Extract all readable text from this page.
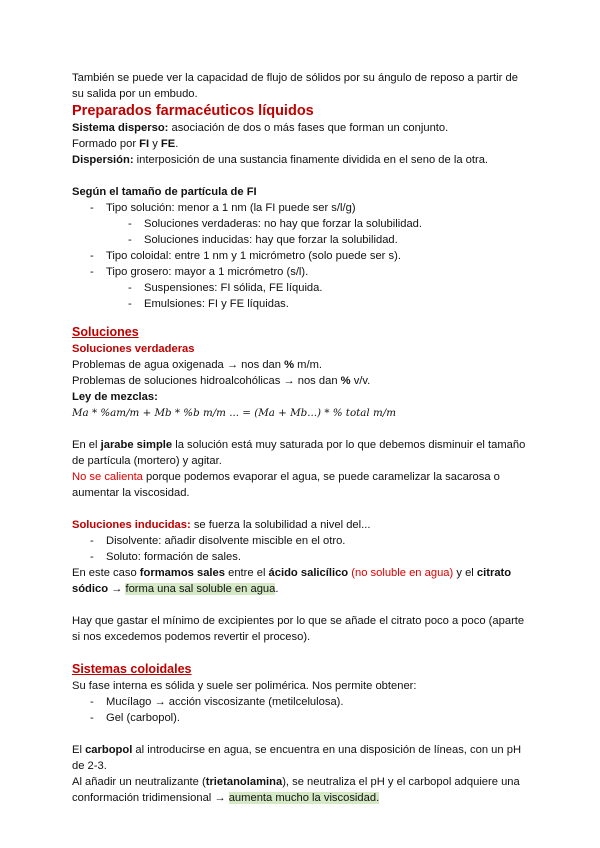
También se puede ver la capacidad de flujo de sólidos por su ángulo de reposo a partir de su salida por un embudo.

Preparados farmacéuticos líquidos

Sistema disperso: asociación de dos o más fases que forman un conjunto.

Formado por FI y FE.

Dispersión: interposición de una sustancia finamente dividida en el seno de la otra.

Según el tamaño de partícula de FI

- Tipo solución: menor a 1 nm (la FI puede ser s/l/g)
- Soluciones verdaderas: no hay que forzar la solubilidad.
- Soluciones inducidas: hay que forzar la solubilidad.
- Tipo coloidal: entre 1 nm y 1 micrómetro (solo puede ser s).
- Tipo grosero: mayor a 1 micrómetro (s/l).
- Suspensiones: FI sólida, FE líquida.
- Emulsiones: FI y FE líquidas.

Soluciones

Soluciones verdaderas

Problemas de agua oxigenada → nos dan % m/m.

Problemas de soluciones hidroalcohólicas → nos dan % v/v.

Ley de mezclas:

Ma * %am/m + Mb * %b m/m ... = (Ma + Mb...) * % total m/m

En el jarabe simple la solución está muy saturada por lo que debemos disminuir el tamaño de partícula (mortero) y agitar.

No se calienta porque podemos evaporar el agua, se puede caramelizar la sacarosa o aumentar la viscosidad.

Soluciones inducidas: se fuerza la solubilidad a nivel del...

- Disolvente: añadir disolvente miscible en el otro.
- Soluto: formación de sales.

En este caso formamos sales entre el ácido salicílico (no soluble en agua) y el citrato sódico → forma una sal soluble en agua.

Hay que gastar el mínimo de excipientes por lo que se añade el citrato poco a poco (aparte si nos excedemos podemos revertir el proceso).

Sistemas coloidales

Su fase interna es sólida y suele ser polimérica. Nos permite obtener:

- Mucílago → acción viscosizante (metilcelulosa).
- Gel (carbopol).

El carbopol al introducirse en agua, se encuentra en una disposición de líneas, con un pH de 2-3.

Al añadir un neutralizante (trietanolamina), se neutraliza el pH y el carbopol adquiere una conformación tridimensional → aumenta mucho la viscosidad.
